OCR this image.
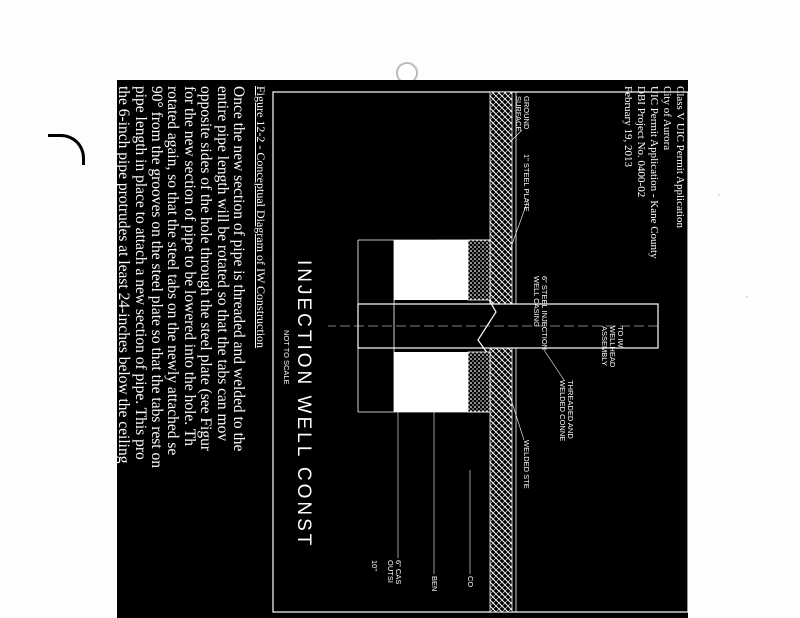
Class V UIC Permit Application
City of Aurora
UIC Permit Application - Kane County
DBI Project No. 0400-02
February 19, 2013
2'-0"
2'-0"
GROUND
SURFACE
1" STEEL PLATE
6" STEEL INJECTION
WELL CASING
TO IW
WELLHEAD
ASSEMBLY
THREADED AND
WELDED CONNE
WELDED STE
CO
BEN
6" CAS
OUTSI
10"
INJECTION WELL CONST
NOT TO SCALE
Figure 12-2 - Conceptual Diagram of IW Construction
Once the new section of pipe is threaded and welded to the
entire pipe length will be rotated so that the tabs can mov
opposite sides of the hole through the steel plate (see Figur
for the new section of pipe to be lowered into the hole. Th
rotated again, so that the steel tabs on the newly attached se
90° from the grooves on the steel plate so that the tabs rest on
pipe length in place to attach a new section of pipe. This pro
the 6-inch pipe protrudes at least 24-inches below the ceiling
